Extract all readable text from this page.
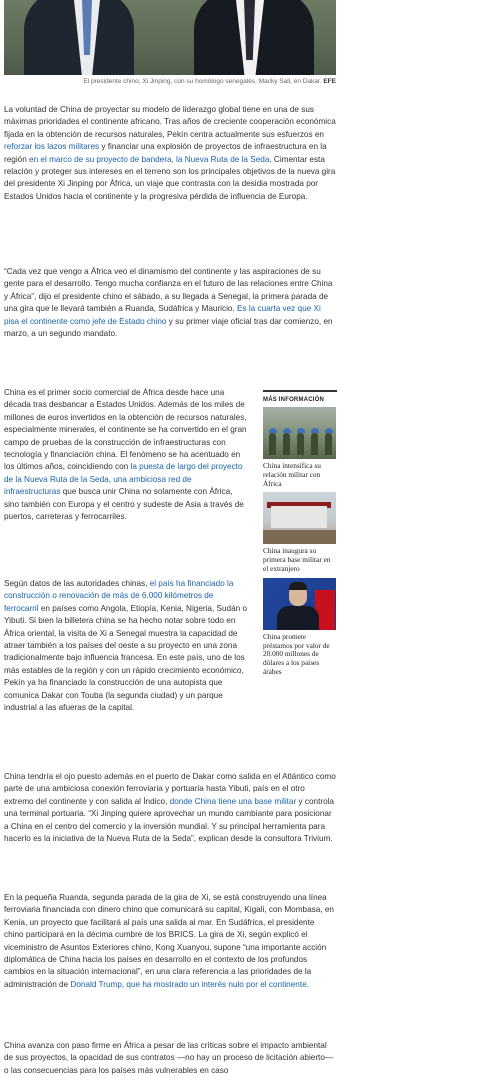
El presidente chino, Xi Jinping, con su homólogo senegalés, Macky Sall, en Dakar. EFE

La voluntad de China de proyectar su modelo de liderazgo global tiene en una de sus máximas prioridades el continente africano. Tras años de creciente cooperación económica fijada en la obtención de recursos naturales, Pekín centra actualmente sus esfuerzos en reforzar los lazos militares y financiar una explosión de proyectos de infraestructura en la región en el marco de su proyecto de bandera, la Nueva Ruta de la Seda. Cimentar esta relación y proteger sus intereses en el terreno son los principales objetivos de la nueva gira del presidente Xi Jinping por África, un viaje que contrasta con la desidia mostrada por Estados Unidos hacia el continente y la progresiva pérdida de influencia de Europa.

“Cada vez que vengo a África veo el dinamismo del continente y las aspiraciones de su gente para el desarrollo. Tengo mucha confianza en el futuro de las relaciones entre China y África”, dijo el presidente chino el sábado, a su llegada a Senegal, la primera parada de una gira que le llevará también a Ruanda, Sudáfrica y Mauricio. Es la cuarta vez que Xi pisa el continente como jefe de Estado chino y su primer viaje oficial tras dar comienzo, en marzo, a un segundo mandato.

China es el primer socio comercial de África desde hace una década tras desbancar a Estados Unidos. Además de los miles de millones de euros invertidos en la obtención de recursos naturales, especialmente minerales, el continente se ha convertido en el gran campo de pruebas de la construcción de infraestructuras con tecnología y financiación china. El fenómeno se ha acentuado en los últimos años, coincidiendo con la puesta de largo del proyecto de la Nueva Ruta de la Seda, una ambiciosa red de infraestructuras que busca unir China no solamente con África, sino también con Europa y el centro y sudeste de Asia a través de puertos, carreteras y ferrocarriles.

Según datos de las autoridades chinas, el país ha financiado la construcción o renovación de más de 6.000 kilómetros de ferrocarril en países como Angola, Etiopía, Kenia, Nigeria, Sudán o Yibuti. Si bien la billetera china se ha hecho notar sobre todo en África oriental, la visita de Xi a Senegal muestra la capacidad de atraer también a los países del oeste a su proyecto en una zona tradicionalmente bajo influencia francesa. En este país, uno de los más estables de la región y con un rápido crecimiento económico, Pekín ya ha financiado la construcción de una autopista que comunica Dakar con Touba (la segunda ciudad) y un parque industrial a las afueras de la capital.

China tendría el ojo puesto además en el puerto de Dakar como salida en el Atlántico como parte de una ambiciosa conexión ferroviaria y portuaria hasta Yibuti, país en el otro extremo del continente y con salida al Índico, donde China tiene una base militar y controla una terminal portuaria. “Xi Jinping quiere aprovechar un mundo cambiante para posicionar a China en el centro del comercio y la inversión mundial. Y su principal herramienta para hacerlo es la iniciativa de la Nueva Ruta de la Seda”, explican desde la consultora Trivium.

En la pequeña Ruanda, segunda parada de la gira de Xi, se está construyendo una línea ferroviaria financiada con dinero chino que comunicará su capital, Kigali, con Mombasa, en Kenia, un proyecto que facilitará al país una salida al mar. En Sudáfrica, el presidente chino participará en la décima cumbre de los BRICS. La gira de Xi, según explicó el viceministro de Asuntos Exteriores chino, Kong Xuanyou, supone “una importante acción diplomática de China hacia los países en desarrollo en el contexto de los profundos cambios en la situación internacional”, en una clara referencia a las prioridades de la administración de Donald Trump, que ha mostrado un interés nulo por el continente.

China avanza con paso firme en África a pesar de las críticas sobre el impacto ambiental de sus proyectos, la opacidad de sus contratos —no hay un proceso de licitación abierto— o las consecuencias para los países más vulnerables en caso

MÁS INFORMACIÓN
China intensifica su relación militar con África
China inaugura su primera base militar en el extranjero
China promete préstamos por valor de 20.000 millones de dólares a los países árabes
